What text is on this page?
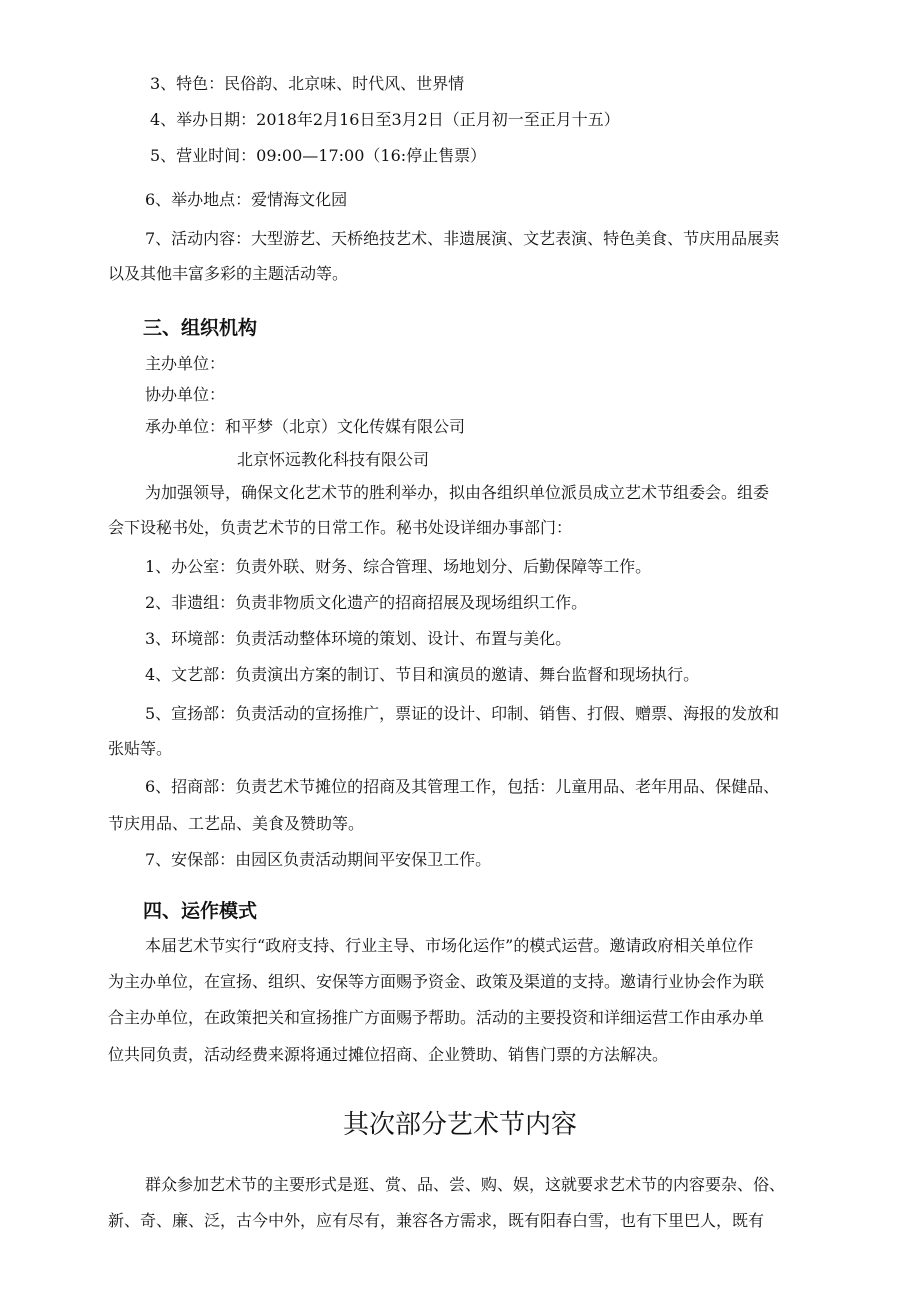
3、特色：民俗韵、北京味、时代风、世界情
4、举办日期：2018年2月16日至3月2日（正月初一至正月十五）
5、营业时间：09:00—17:00（16:停止售票）
6、举办地点：爱情海文化园
7、活动内容：大型游艺、天桥绝技艺术、非遗展演、文艺表演、特色美食、节庆用品展卖
以及其他丰富多彩的主题活动等。
三、组织机构
主办单位：
协办单位：
承办单位：和平梦（北京）文化传媒有限公司
北京怀远教化科技有限公司
为加强领导，确保文化艺术节的胜利举办，拟由各组织单位派员成立艺术节组委会。组委
会下设秘书处，负责艺术节的日常工作。秘书处设详细办事部门：
1、办公室：负责外联、财务、综合管理、场地划分、后勤保障等工作。
2、非遗组：负责非物质文化遗产的招商招展及现场组织工作。
3、环境部：负责活动整体环境的策划、设计、布置与美化。
4、文艺部：负责演出方案的制订、节目和演员的邀请、舞台监督和现场执行。
5、宣扬部：负责活动的宣扬推广，票证的设计、印制、销售、打假、赠票、海报的发放和
张贴等。
6、招商部：负责艺术节摊位的招商及其管理工作，包括：儿童用品、老年用品、保健品、
节庆用品、工艺品、美食及赞助等。
7、安保部：由园区负责活动期间平安保卫工作。
四、运作模式
本届艺术节实行“政府支持、行业主导、市场化运作”的模式运营。邀请政府相关单位作
为主办单位，在宣扬、组织、安保等方面赐予资金、政策及渠道的支持。邀请行业协会作为联
合主办单位，在政策把关和宣扬推广方面赐予帮助。活动的主要投资和详细运营工作由承办单
位共同负责，活动经费来源将通过摊位招商、企业赞助、销售门票的方法解决。
其次部分艺术节内容
群众参加艺术节的主要形式是逛、赏、品、尝、购、娱，这就要求艺术节的内容要杂、俗、
新、奇、廉、泛，古今中外，应有尽有，兼容各方需求，既有阳春白雪，也有下里巴人，既有
